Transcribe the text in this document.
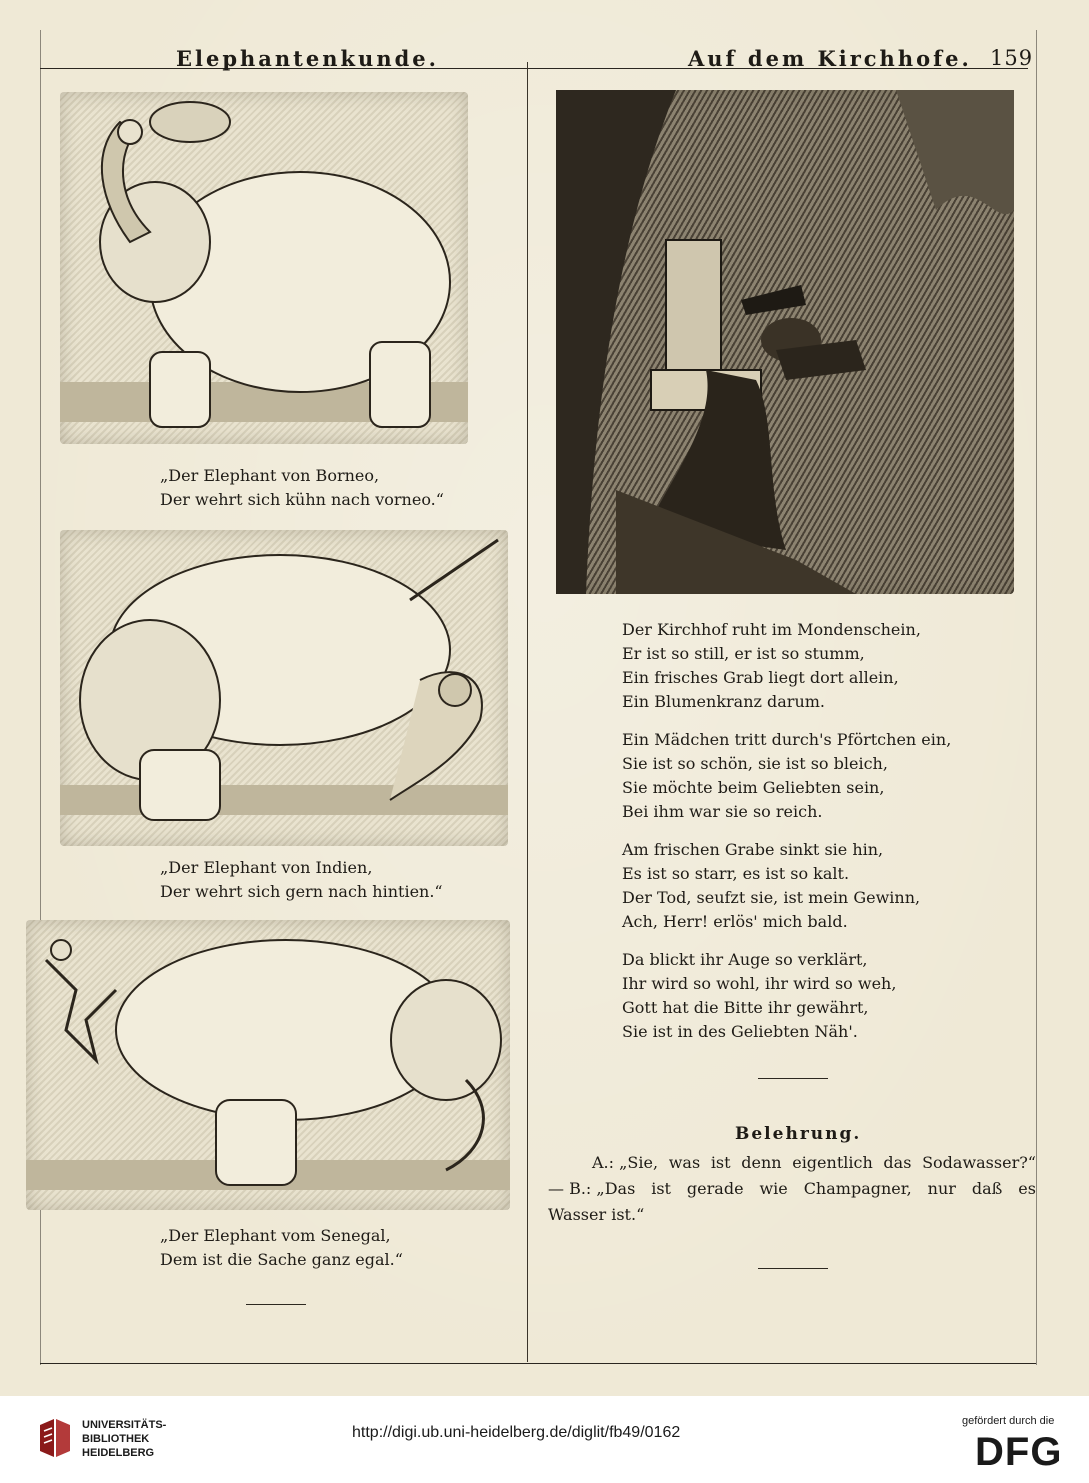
Elephantenkunde.	Auf dem Kirchhofe. 159
„Der Elephant von Borneo,
Der wehrt sich kühn nach vorneo.“
„Der Elephant von Indien,
Der wehrt sich gern nach hintien.“
„Der Elephant vom Senegal,
Dem ist die Sache ganz egal.“
Der Kirchhof ruht im Mondenschein,
Er ist so still, er ist so stumm,
Ein frisches Grab liegt dort allein,
Ein Blumenkranz darum.
Ein Mädchen tritt durch's Pförtchen ein,
Sie ist so schön, sie ist so bleich,
Sie möchte beim Geliebten sein,
Bei ihm war sie so reich.
Am frischen Grabe sinkt sie hin,
Es ist so starr, es ist so kalt.
Der Tod, seufzt sie, ist mein Gewinn,
Ach, Herr! erlös' mich bald.
Da blickt ihr Auge so verklärt,
Ihr wird so wohl, ihr wird so weh,
Gott hat die Bitte ihr gewährt,
Sie ist in des Geliebten Näh'.
Belehrung.
A.: „Sie, was ist denn eigentlich das Sodawasser?“
— B.: „Das ist gerade wie Champagner, nur daß es
Wasser ist.“
UNIVERSITÄTS-
BIBLIOTHEK
HEIDELBERG
http://digi.ub.uni-heidelberg.de/diglit/fb49/0162
gefördert durch die
DFG
